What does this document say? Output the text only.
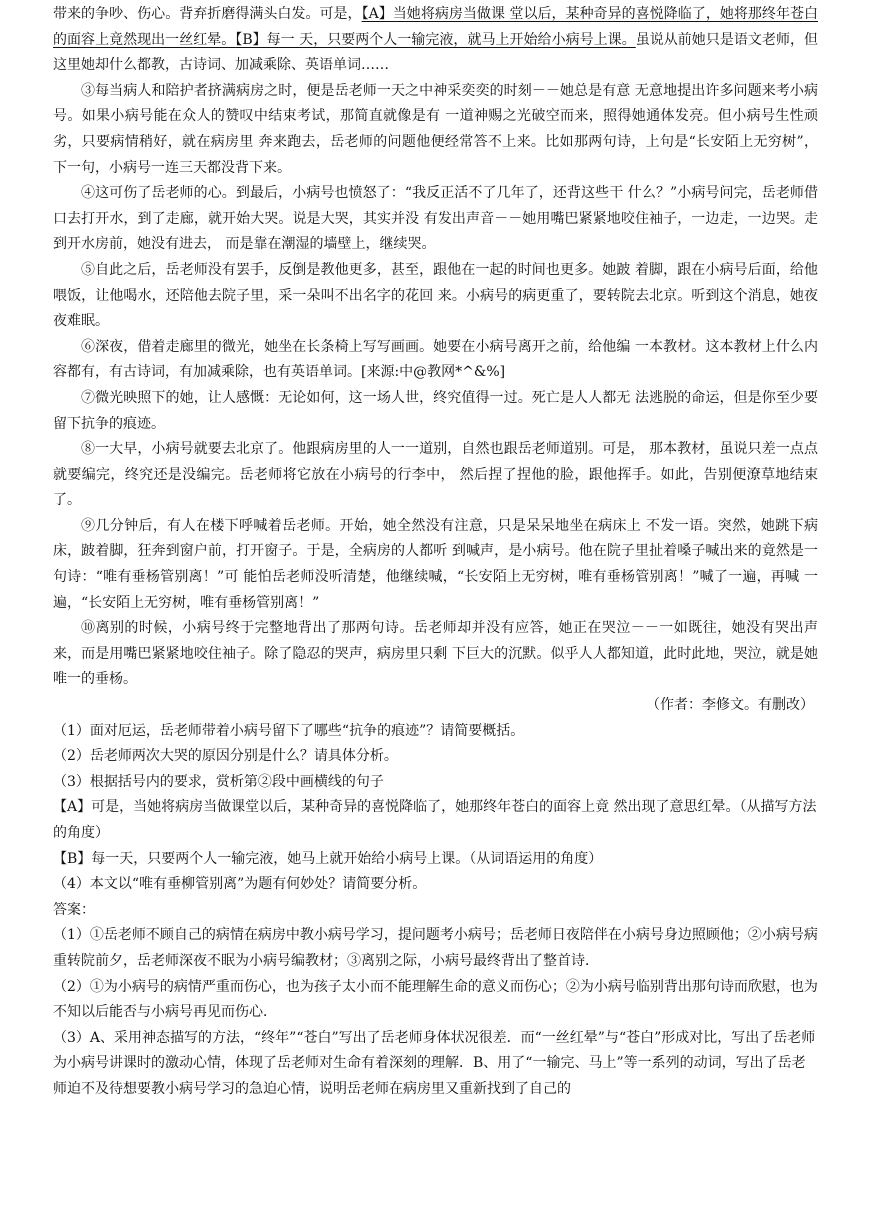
带来的争吵、伤心。背弃折磨得满头白发。可是，【A】当她将病房当做课 堂以后，某种奇异的喜悦降临了，她将那终年苍白的面容上竟然现出一丝红晕。【B】每一 天，只要两个人一输完液，就马上开始给小病号上课。虽说从前她只是语文老师，但这里她却什么都教，古诗词、加减乘除、英语单词……

③每当病人和陪护者挤满病房之时，便是岳老师一天之中神采奕奕的时刻－－她总是有意 无意地提出许多问题来考小病号。如果小病号能在众人的赞叹中结束考试，那简直就像是有 一道神赐之光破空而来，照得她通体发亮。但小病号生性顽劣，只要病情稍好，就在病房里 奔来跑去，岳老师的问题他便经常答不上来。比如那两句诗，上句是“长安陌上无穷树”， 下一句，小病号一连三天都没背下来。

④这可伤了岳老师的心。到最后，小病号也愤怒了：“我反正活不了几年了，还背这些干 什么？”小病号问完，岳老师借口去打开水，到了走廊，就开始大哭。说是大哭，其实并没 有发出声音－－她用嘴巴紧紧地咬住袖子，一边走，一边哭。走到开水房前，她没有进去， 而是靠在潮湿的墙壁上，继续哭。

⑤自此之后，岳老师没有罢手，反倒是教他更多，甚至，跟他在一起的时间也更多。她跛 着脚，跟在小病号后面，给他喂饭，让他喝水，还陪他去院子里，采一朵叫不出名字的花回 来。小病号的病更重了，要转院去北京。听到这个消息，她夜夜难眠。

⑥深夜，借着走廊里的微光，她坐在长条椅上写写画画。她要在小病号离开之前，给他编 一本教材。这本教材上什么内容都有，有古诗词，有加减乘除，也有英语单词。[来源:中@教网*^&%]

⑦微光映照下的她，让人感慨：无论如何，这一场人世，终究值得一过。死亡是人人都无 法逃脱的命运，但是你至少要留下抗争的痕迹。

⑧一大早，小病号就要去北京了。他跟病房里的人一一道别，自然也跟岳老师道别。可是， 那本教材，虽说只差一点点就要编完，终究还是没编完。岳老师将它放在小病号的行李中， 然后捏了捏他的脸，跟他挥手。如此，告别便潦草地结束了。

⑨几分钟后，有人在楼下呼喊着岳老师。开始，她全然没有注意，只是呆呆地坐在病床上 不发一语。突然，她跳下病床，跛着脚，狂奔到窗户前，打开窗子。于是，全病房的人都听 到喊声，是小病号。他在院子里扯着嗓子喊出来的竟然是一句诗：“唯有垂杨管别离！”可 能怕岳老师没听清楚，他继续喊，“长安陌上无穷树，唯有垂杨管别离！”喊了一遍，再喊 一遍，“长安陌上无穷树，唯有垂杨管别离！”

⑩离别的时候，小病号终于完整地背出了那两句诗。岳老师却并没有应答，她正在哭泣－－一如既往，她没有哭出声来，而是用嘴巴紧紧地咬住袖子。除了隐忍的哭声，病房里只剩 下巨大的沉默。似乎人人都知道，此时此地，哭泣，就是她唯一的垂杨。

（作者：李修文。有删改）

（1）面对厄运，岳老师带着小病号留下了哪些“抗争的痕迹”？请简要概括。

（2）岳老师两次大哭的原因分别是什么？请具体分析。

（3）根据括号内的要求，赏析第②段中画横线的句子

【A】可是，当她将病房当做课堂以后，某种奇异的喜悦降临了，她那终年苍白的面容上竟 然出现了意思红晕。（从描写方法的角度）

【B】每一天，只要两个人一输完液，她马上就开始给小病号上课。（从词语运用的角度）

（4）本文以“唯有垂柳管别离”为题有何妙处？请简要分析。

答案：

（1）①岳老师不顾自己的病情在病房中教小病号学习，提问题考小病号；岳老师日夜陪伴在小病号身边照顾他；②小病号病重转院前夕，岳老师深夜不眠为小病号编教材；③离别之际，小病号最终背出了整首诗．

（2）①为小病号的病情严重而伤心，也为孩子太小而不能理解生命的意义而伤心；②为小病号临别背出那句诗而欣慰，也为不知以后能否与小病号再见而伤心．

（3）A、采用神态描写的方法，“终年”“苍白”写出了岳老师身体状况很差．而“一丝红晕”与“苍白”形成对比，写出了岳老师为小病号讲课时的激动心情，体现了岳老师对生命有着深刻的理解．B、用了“一输完、马上”等一系列的动词，写出了岳老师迫不及待想要教小病号学习的急迫心情，说明岳老师在病房里又重新找到了自己的
